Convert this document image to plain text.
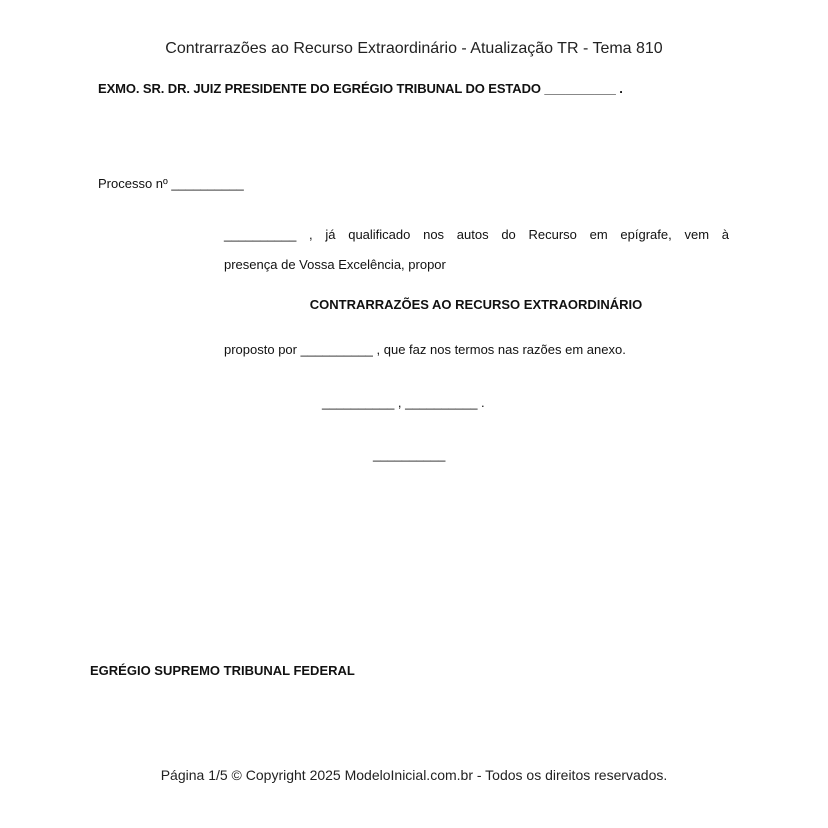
Contrarrazões ao Recurso Extraordinário - Atualização TR - Tema 810
EXMO. SR. DR. JUIZ PRESIDENTE DO EGRÉGIO TRIBUNAL DO ESTADO __________ .
Processo nº __________
__________ , já qualificado nos autos do Recurso em epígrafe, vem à
presença de Vossa Excelência, propor
CONTRARRAZÕES AO RECURSO EXTRAORDINÁRIO
proposto por __________ , que faz nos termos nas razões em anexo.
__________ , __________ .
__________
EGRÉGIO SUPREMO TRIBUNAL FEDERAL
Página 1/5 © Copyright 2025 ModeloInicial.com.br - Todos os direitos reservados.
